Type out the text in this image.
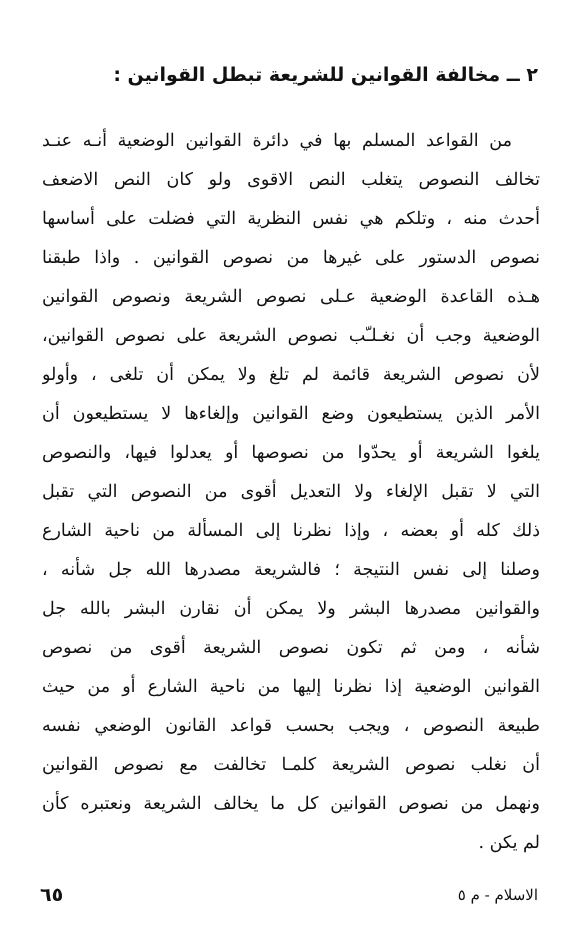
٢ ــ مخالفة القوانين للشريعة تبطل القوانين :
من القواعد المسلم بها في دائرة القوانين الوضعية أنـه عنـد
تخالف النصوص يتغلب النص الاقوى ولو كان النص الاضعف
أحدث منه ، وتلكم هي نفس النظرية التي فضلت على أساسها
نصوص الدستور على غيرها من نصوص القوانين . واذا طبقنا
هـذه القاعدة الوضعية عـلى نصوص الشريعة ونصوص القوانين
الوضعية وجب أن نغـلـّب نصوص الشريعة على نصوص القوانين،
لأن نصوص الشريعة قائمة لم تلغ ولا يمكن أن تلغى ، وأولو
الأمر الذين يستطيعون وضع القوانين وإلغاءها لا يستطيعون أن
يلغوا الشريعة أو يحدّوا من نصوصها أو يعدلوا فيها، والنصوص
التي لا تقبل الإلغاء ولا التعديل أقوى من النصوص التي تقبل
ذلك كله أو بعضه ، وإذا نظرنا إلى المسألة من ناحية الشارع
وصلنا إلى نفس النتيجة ؛ فالشريعة مصدرها الله جل شأنه ،
والقوانين مصدرها البشر ولا يمكن أن نقارن البشر بالله جل
شأنه ، ومن ثم تكون نصوص الشريعة أقوى من نصوص
القوانين الوضعية إذا نظرنا إليها من ناحية الشارع أو من حيث
طبيعة النصوص ، ويجب بحسب قواعد القانون الوضعي نفسه
أن نغلب نصوص الشريعة كلمـا تخالفت مع نصوص القوانين
ونهمل من نصوص القوانين كل ما يخالف الشريعة ونعتبره كأن
لم يكن .
٦٥	الاسلام - م ٥
